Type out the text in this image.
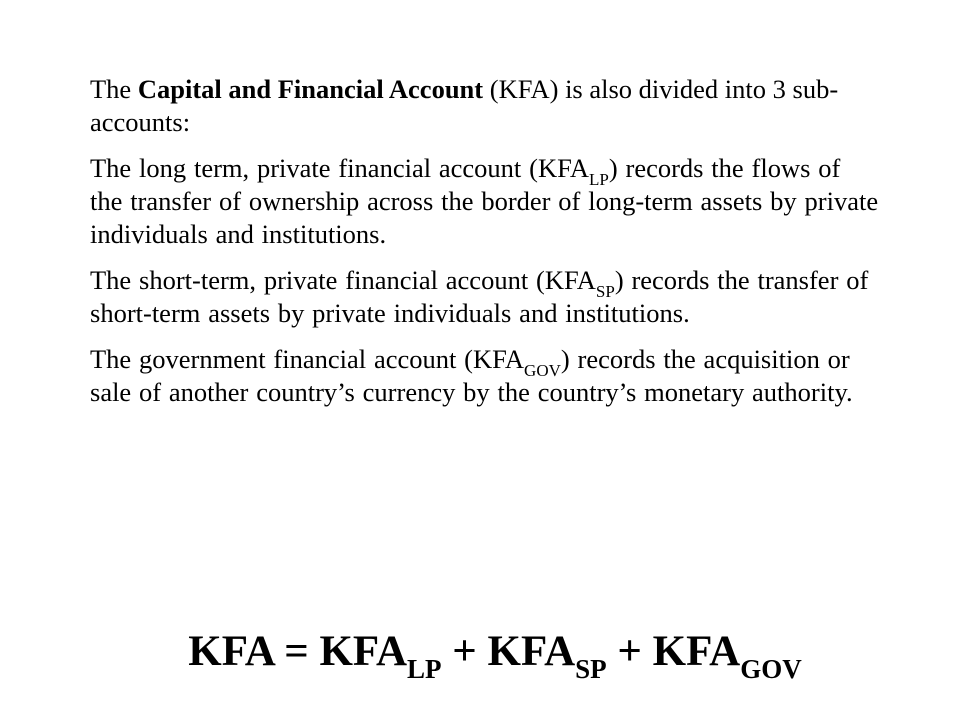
The Capital and Financial Account (KFA) is also divided into 3 sub-accounts:

The long term, private financial account $(KFA_{LP})$ records the flows of the transfer of ownership across the border of long-term assets by private individuals and institutions.

The short-term, private financial account $(KFA_{SP})$ records the transfer of short-term assets by private individuals and institutions.

The government financial account $(KFA_{GOV})$ records the acquisition or sale of another country’s currency by the country’s monetary authority.

KFA = $KFA_{LP} + KFA_{SP} + KFA_{GOV}$
